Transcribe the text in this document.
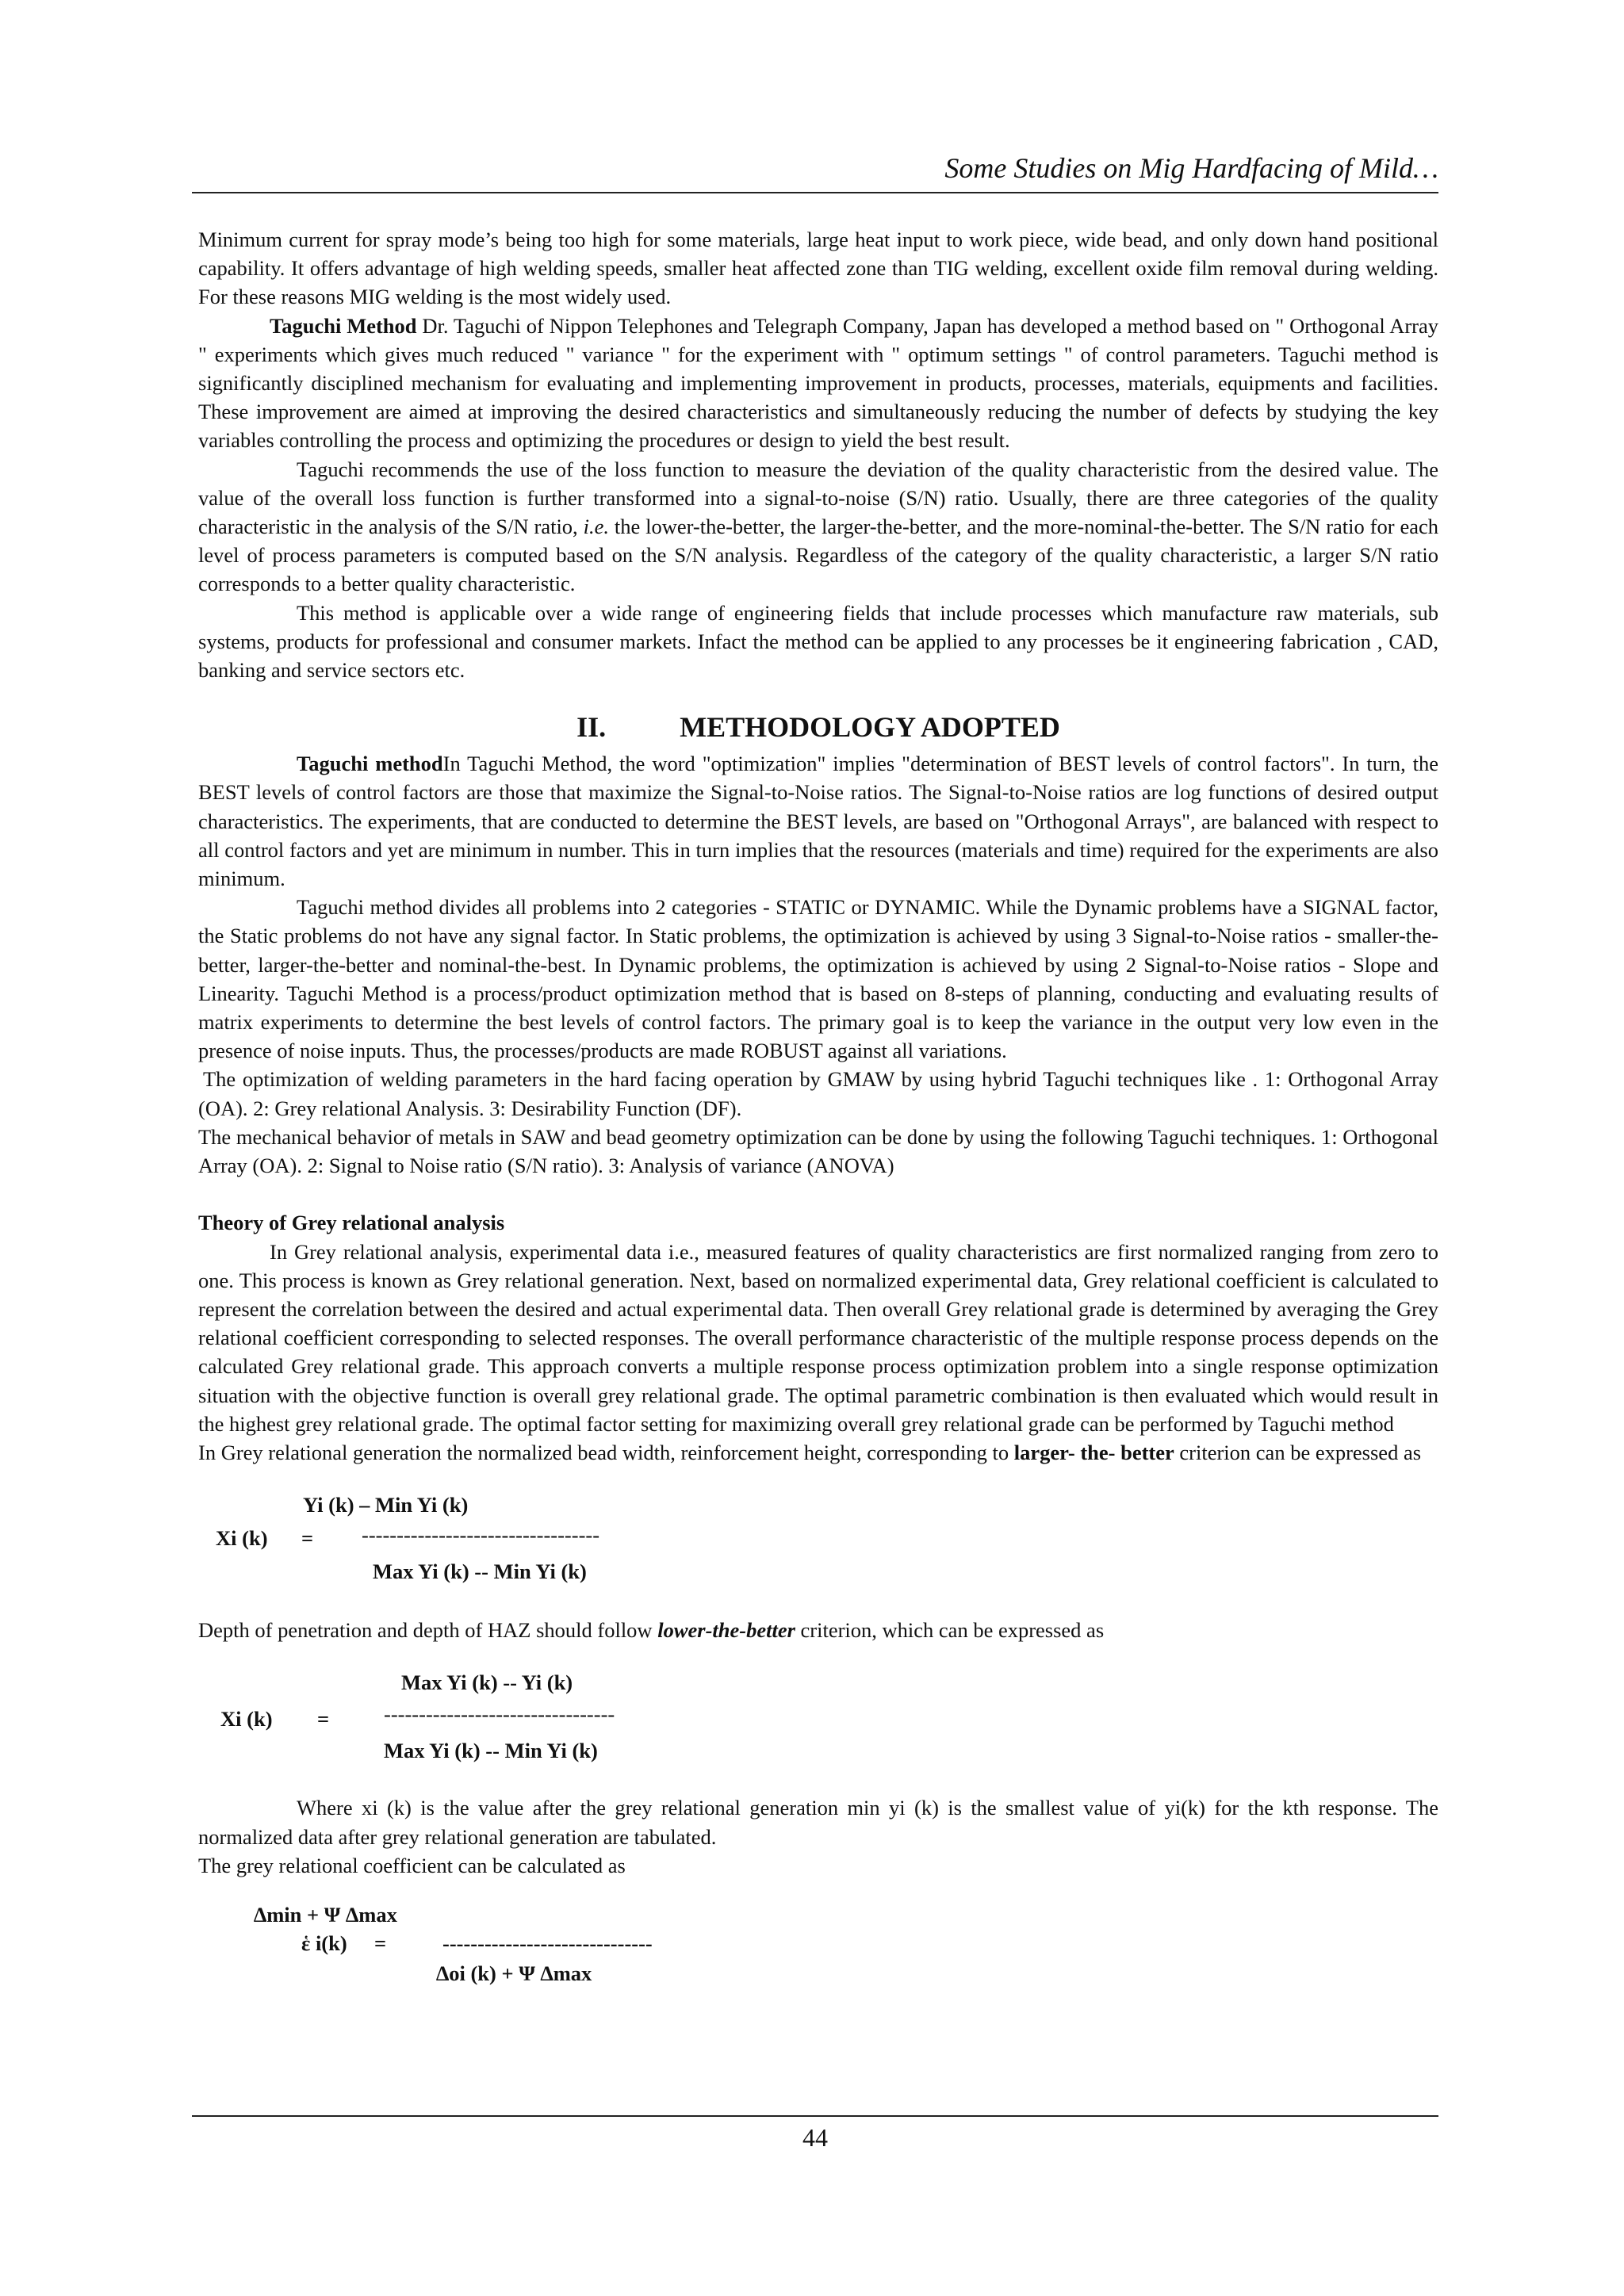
Some Studies on Mig Hardfacing of Mild…

Minimum current for spray mode’s being too high for some materials, large heat input to work piece, wide bead, and only down hand positional capability. It offers advantage of high welding speeds, smaller heat affected zone than TIG welding, excellent oxide film removal during welding. For these reasons MIG welding is the most widely used.

Taguchi Method Dr. Taguchi of Nippon Telephones and Telegraph Company, Japan has developed a method based on " Orthogonal Array " experiments which gives much reduced " variance " for the experiment with " optimum settings " of control parameters. Taguchi method is significantly disciplined mechanism for evaluating and implementing improvement in products, processes, materials, equipments and facilities. These improvement are aimed at improving the desired characteristics and simultaneously reducing the number of defects by studying the key variables controlling the process and optimizing the procedures or design to yield the best result.

Taguchi recommends the use of the loss function to measure the deviation of the quality characteristic from the desired value. The value of the overall loss function is further transformed into a signal-to-noise (S/N) ratio. Usually, there are three categories of the quality characteristic in the analysis of the S/N ratio, i.e. the lower-the-better, the larger-the-better, and the more-nominal-the-better. The S/N ratio for each level of process parameters is computed based on the S/N analysis. Regardless of the category of the quality characteristic, a larger S/N ratio corresponds to a better quality characteristic.

This method is applicable over a wide range of engineering fields that include processes which manufacture raw materials, sub systems, products for professional and consumer markets. Infact the method can be applied to any processes be it engineering fabrication , CAD, banking and service sectors etc.

II.	METHODOLOGY ADOPTED

Taguchi methodIn Taguchi Method, the word "optimization" implies "determination of BEST levels of control factors". In turn, the BEST levels of control factors are those that maximize the Signal-to-Noise ratios. The Signal-to-Noise ratios are log functions of desired output characteristics. The experiments, that are conducted to determine the BEST levels, are based on "Orthogonal Arrays", are balanced with respect to all control factors and yet are minimum in number. This in turn implies that the resources (materials and time) required for the experiments are also minimum.

Taguchi method divides all problems into 2 categories - STATIC or DYNAMIC. While the Dynamic problems have a SIGNAL factor, the Static problems do not have any signal factor. In Static problems, the optimization is achieved by using 3 Signal-to-Noise ratios - smaller-the-better, larger-the-better and nominal-the-best. In Dynamic problems, the optimization is achieved by using 2 Signal-to-Noise ratios - Slope and Linearity. Taguchi Method is a process/product optimization method that is based on 8-steps of planning, conducting and evaluating results of matrix experiments to determine the best levels of control factors. The primary goal is to keep the variance in the output very low even in the presence of noise inputs. Thus, the processes/products are made ROBUST against all variations.

The optimization of welding parameters in the hard facing operation by GMAW by using hybrid Taguchi techniques like . 1: Orthogonal Array (OA). 2: Grey relational Analysis. 3: Desirability Function (DF).

The mechanical behavior of metals in SAW and bead geometry optimization can be done by using the following Taguchi techniques. 1: Orthogonal Array (OA). 2: Signal to Noise ratio (S/N ratio). 3: Analysis of variance (ANOVA)

Theory of Grey relational analysis

In Grey relational analysis, experimental data i.e., measured features of quality characteristics are first normalized ranging from zero to one. This process is known as Grey relational generation. Next, based on normalized experimental data, Grey relational coefficient is calculated to represent the correlation between the desired and actual experimental data. Then overall Grey relational grade is determined by averaging the Grey relational coefficient corresponding to selected responses. The overall performance characteristic of the multiple response process depends on the calculated Grey relational grade. This approach converts a multiple response process optimization problem into a single response optimization situation with the objective function is overall grey relational grade. The optimal parametric combination is then evaluated which would result in the highest grey relational grade. The optimal factor setting for maximizing overall grey relational grade can be performed by Taguchi method

In Grey relational generation the normalized bead width, reinforcement height, corresponding to larger- the- better criterion can be expressed as

Yi (k) – Min Yi (k)
Xi (k) = ----------------------------------
Max Yi (k) -- Min Yi (k)

Depth of penetration and depth of HAZ should follow lower-the-better criterion, which can be expressed as

Max Yi (k) -- Yi (k)
Xi (k) =	---------------------------------
Max Yi (k) -- Min Yi (k)

Where xi (k) is the value after the grey relational generation min yi (k) is the smallest value of yi(k) for the kth response. The normalized data after grey relational generation are tabulated.

The grey relational coefficient can be calculated as

∆min + Ψ ∆max
ἑ i(k) =	------------------------------
∆oi (k) + Ψ ∆max
44
